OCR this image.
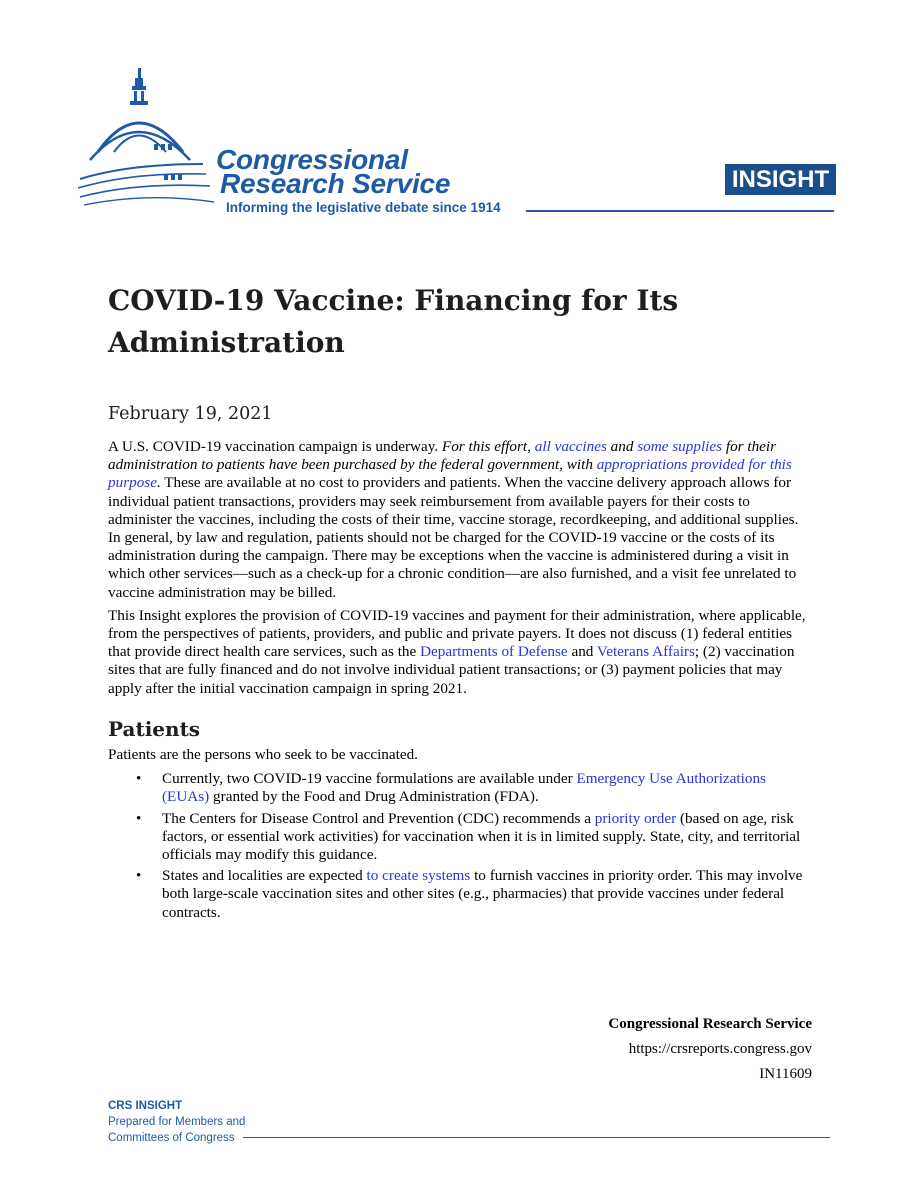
Congressional
Research Service
Informing the legislative debate since 1914
INSIGHT
COVID-19 Vaccine: Financing for Its Administration
February 19, 2021

A U.S. COVID-19 vaccination campaign is underway. For this effort, all vaccines and some supplies for their administration to patients have been purchased by the federal government, with appropriations provided for this purpose. These are available at no cost to providers and patients. When the vaccine delivery approach allows for individual patient transactions, providers may seek reimbursement from available payers for their costs to administer the vaccines, including the costs of their time, vaccine storage, recordkeeping, and additional supplies. In general, by law and regulation, patients should not be charged for the COVID-19 vaccine or the costs of its administration during the campaign. There may be exceptions when the vaccine is administered during a visit in which other services—such as a check-up for a chronic condition—are also furnished, and a visit fee unrelated to vaccine administration may be billed.

This Insight explores the provision of COVID-19 vaccines and payment for their administration, where applicable, from the perspectives of patients, providers, and public and private payers. It does not discuss (1) federal entities that provide direct health care services, such as the Departments of Defense and Veterans Affairs; (2) vaccination sites that are fully financed and do not involve individual patient transactions; or (3) payment policies that may apply after the initial vaccination campaign in spring 2021.

Patients

Patients are the persons who seek to be vaccinated.

• Currently, two COVID-19 vaccine formulations are available under Emergency Use Authorizations (EUAs) granted by the Food and Drug Administration (FDA).
• The Centers for Disease Control and Prevention (CDC) recommends a priority order (based on age, risk factors, or essential work activities) for vaccination when it is in limited supply. State, city, and territorial officials may modify this guidance.
• States and localities are expected to create systems to furnish vaccines in priority order. This may involve both large-scale vaccination sites and other sites (e.g., pharmacies) that provide vaccines under federal contracts.
Congressional Research Service
https://crsreports.congress.gov
IN11609
CRS INSIGHT
Prepared for Members and
Committees of Congress
